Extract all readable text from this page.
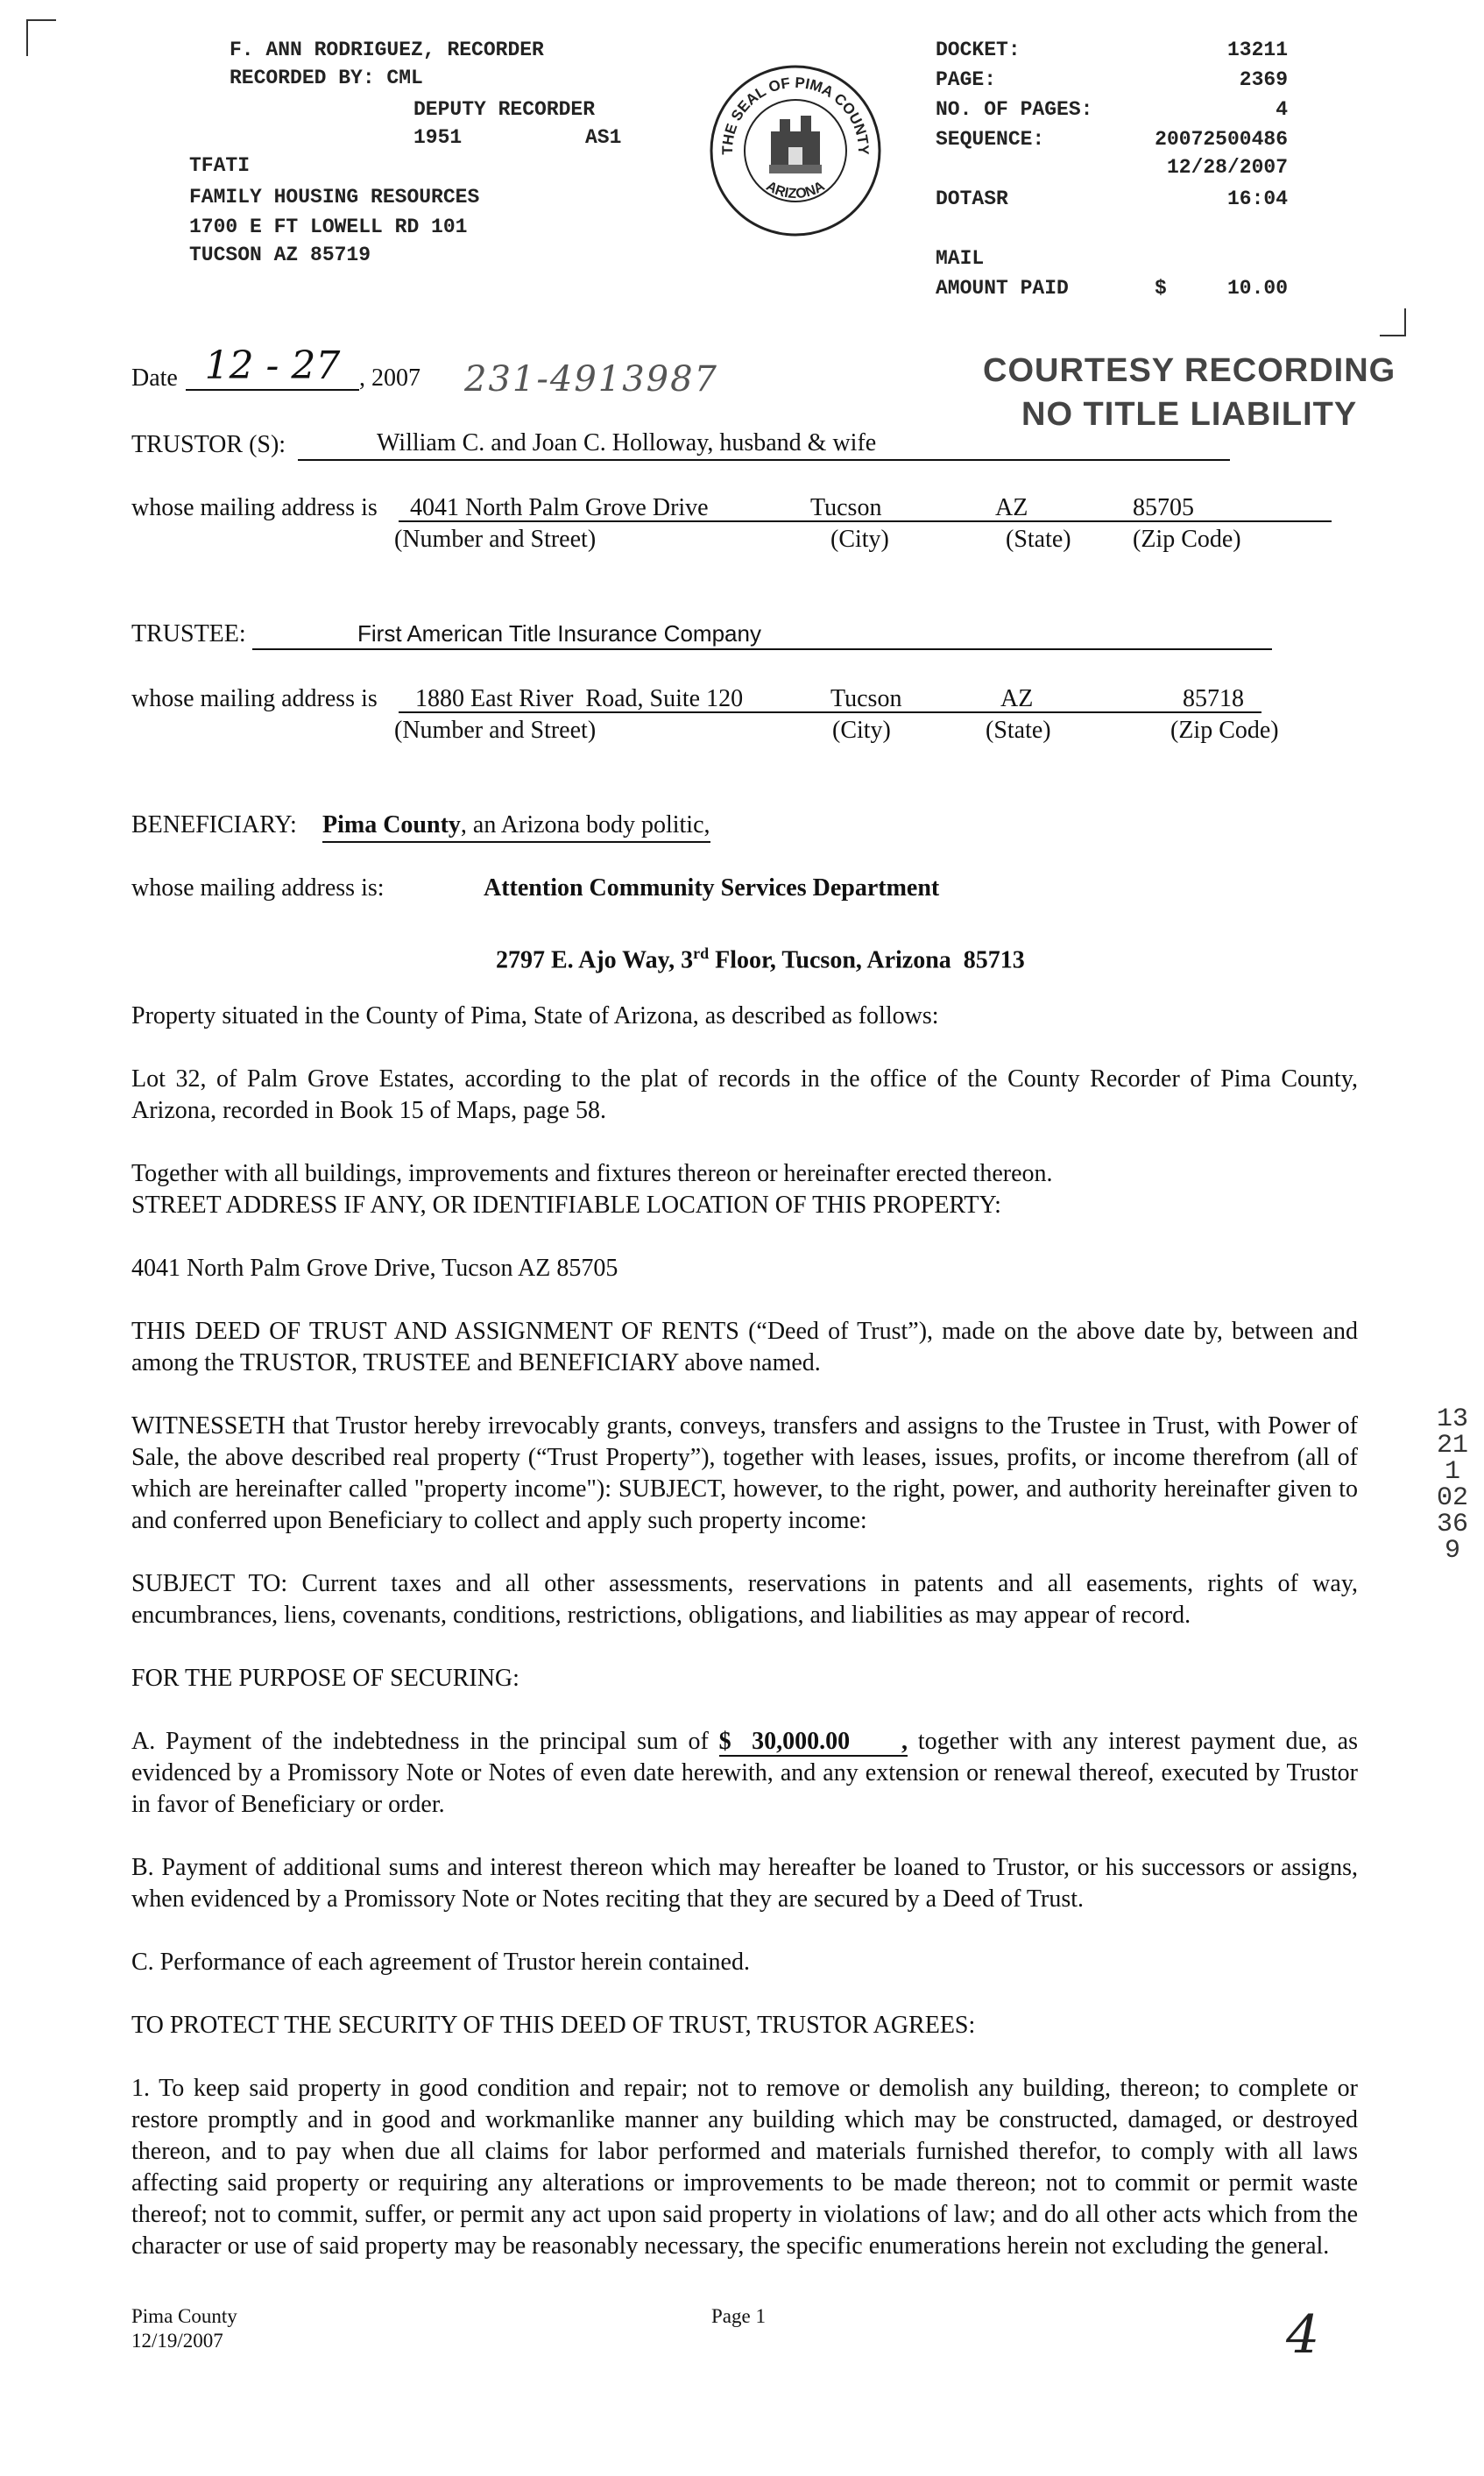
F. ANN RODRIGUEZ, RECORDER
RECORDED BY: CML
DEPUTY RECORDER
1951	AS1
TFATI
FAMILY HOUSING RESOURCES
1700 E FT LOWELL RD 101
TUCSON AZ 85719
THE SEAL OF PIMA COUNTY
ARIZONA
DOCKET:	13211
PAGE:	2369
NO. OF PAGES:	4
SEQUENCE:	20072500486
12/28/2007
DOTASR	16:04
MAIL
AMOUNT PAID	$	10.00
COURTESY RECORDING
NO TITLE LIABILITY
Date 12 - 27 , 2007 231-4913987
TRUSTOR (S):	William C. and Joan C. Holloway, husband & wife
whose mailing address is 4041 North Palm Grove Drive	Tucson	AZ	85705
(Number and Street)	(City)	(State)	(Zip Code)
TRUSTEE:	First American Title Insurance Company
whose mailing address is 1880 East River  Road, Suite 120	Tucson	AZ	85718
(Number and Street)	(City)	(State)	(Zip Code)
BENEFICIARY: Pima County, an Arizona body politic,
whose mailing address is:	Attention Community Services Department

2797 E. Ajo Way, 3rd Floor, Tucson, Arizona  85713

Property situated in the County of Pima, State of Arizona, as described as follows:
Lot 32, of Palm Grove Estates, according to the plat of records in the office of the County Recorder of Pima County, Arizona, recorded in Book 15 of Maps, page 58.
Together with all buildings, improvements and fixtures thereon or hereinafter erected thereon.
STREET ADDRESS IF ANY, OR IDENTIFIABLE LOCATION OF THIS PROPERTY:
4041 North Palm Grove Drive, Tucson AZ 85705
THIS DEED OF TRUST AND ASSIGNMENT OF RENTS (“Deed of Trust”), made on the above date by, between and among the TRUSTOR, TRUSTEE and BENEFICIARY above named.
WITNESSETH that Trustor hereby irrevocably grants, conveys, transfers and assigns to the Trustee in Trust, with Power of Sale, the above described real property (“Trust Property”), together with leases, issues, profits, or income therefrom (all of which are hereinafter called "property income"): SUBJECT, however, to the right, power, and authority hereinafter given to and conferred upon Beneficiary to collect and apply such property income:
SUBJECT TO: Current taxes and all other assessments, reservations in patents and all easements, rights of way, encumbrances, liens, covenants, conditions, restrictions, obligations, and liabilities as may appear of record.
FOR THE PURPOSE OF SECURING:
A. Payment of the indebtedness in the principal sum of $  30,000.00     , together with any interest payment due, as evidenced by a Promissory Note or Notes of even date herewith, and any extension or renewal thereof, executed by Trustor in favor of Beneficiary or order.
B. Payment of additional sums and interest thereon which may hereafter be loaned to Trustor, or his successors or assigns, when evidenced by a Promissory Note or Notes reciting that they are secured by a Deed of Trust.
C. Performance of each agreement of Trustor herein contained.
TO PROTECT THE SECURITY OF THIS DEED OF TRUST, TRUSTOR AGREES:
1. To keep said property in good condition and repair; not to remove or demolish any building, thereon; to complete or restore promptly and in good and workmanlike manner any building which may be constructed, damaged, or destroyed thereon, and to pay when due all claims for labor performed and materials furnished therefor, to comply with all laws affecting said property or requiring any alterations or improvements to be made thereon; not to commit or permit waste thereof; not to commit, suffer, or permit any act upon said property in violations of law; and do all other acts which from the character or use of said property may be reasonably necessary, the specific enumerations herein not excluding the general.
Pima County
12/19/2007
Page 1	4
13211 02369
